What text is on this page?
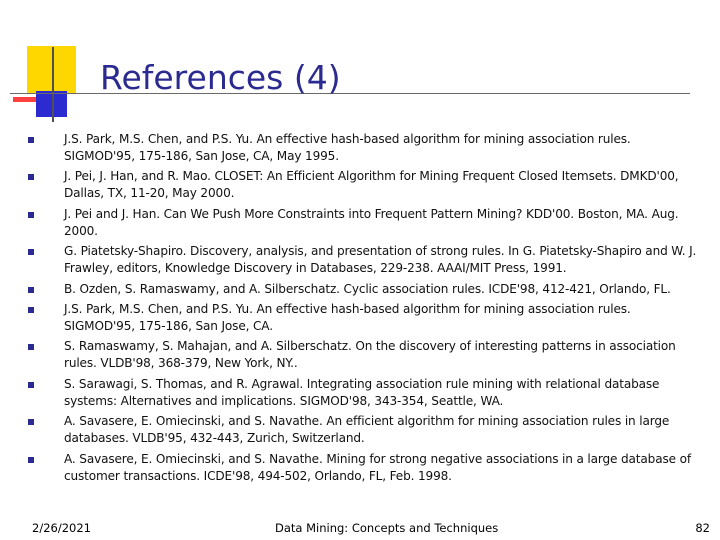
References (4)
J.S. Park, M.S. Chen, and P.S. Yu. An effective hash-based algorithm for mining association rules. SIGMOD'95, 175-186, San Jose, CA, May 1995.
J. Pei, J. Han, and R. Mao. CLOSET: An Efficient Algorithm for Mining Frequent Closed Itemsets. DMKD'00, Dallas, TX, 11-20, May 2000.
J. Pei and J. Han. Can We Push More Constraints into Frequent Pattern Mining? KDD'00. Boston, MA. Aug. 2000.
G. Piatetsky-Shapiro. Discovery, analysis, and presentation of strong rules. In G. Piatetsky-Shapiro and W. J. Frawley, editors, Knowledge Discovery in Databases, 229-238. AAAI/MIT Press, 1991.
B. Ozden, S. Ramaswamy, and A. Silberschatz. Cyclic association rules. ICDE'98, 412-421, Orlando, FL.
J.S. Park, M.S. Chen, and P.S. Yu. An effective hash-based algorithm for mining association rules. SIGMOD'95, 175-186, San Jose, CA.
S. Ramaswamy, S. Mahajan, and A. Silberschatz. On the discovery of interesting patterns in association rules. VLDB'98, 368-379, New York, NY..
S. Sarawagi, S. Thomas, and R. Agrawal. Integrating association rule mining with relational database systems: Alternatives and implications. SIGMOD'98, 343-354, Seattle, WA.
A. Savasere, E. Omiecinski, and S. Navathe. An efficient algorithm for mining association rules in large databases. VLDB'95, 432-443, Zurich, Switzerland.
A. Savasere, E. Omiecinski, and S. Navathe. Mining for strong negative associations in a large database of customer transactions. ICDE'98, 494-502, Orlando, FL, Feb. 1998.
2/26/2021	Data Mining: Concepts and Techniques	82
